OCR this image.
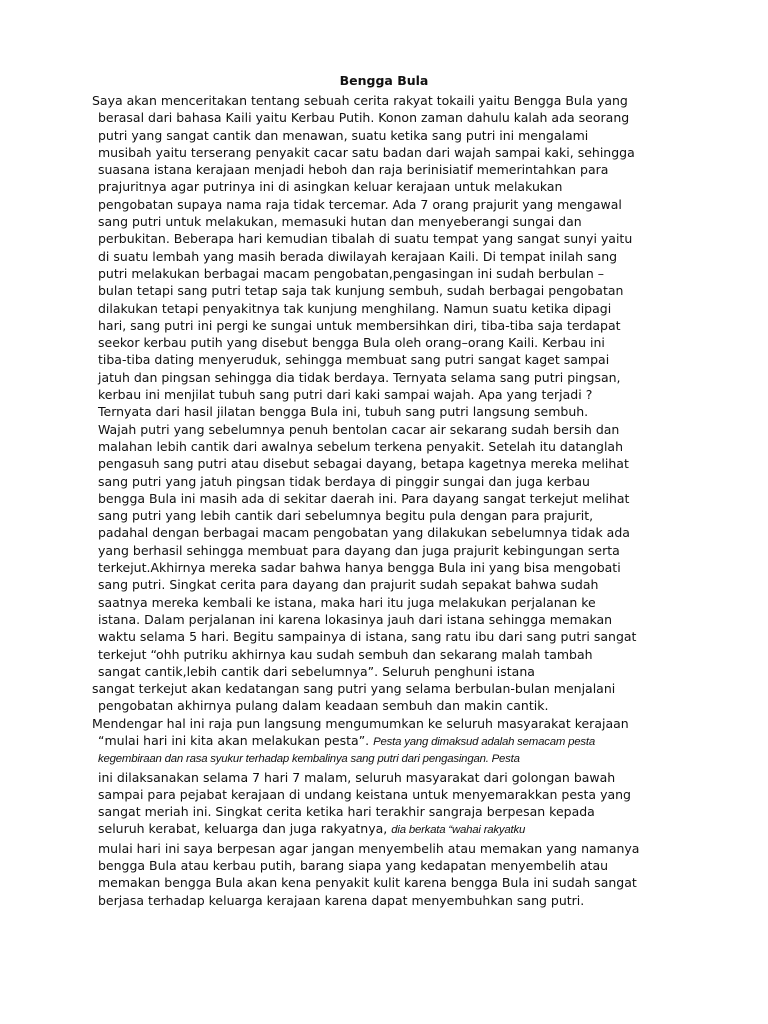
Bengga Bula
Saya akan menceritakan tentang sebuah cerita rakyat tokaili yaitu Bengga Bula yang
berasal dari bahasa Kaili yaitu Kerbau Putih. Konon zaman dahulu kalah ada seorang
putri yang sangat cantik dan menawan, suatu ketika sang putri ini mengalami
musibah yaitu terserang penyakit cacar satu badan dari wajah sampai kaki, sehingga
suasana istana kerajaan menjadi heboh dan raja berinisiatif memerintahkan para
prajuritnya agar putrinya ini di asingkan keluar kerajaan untuk melakukan
pengobatan supaya nama raja tidak tercemar. Ada 7 orang prajurit yang mengawal
sang putri untuk melakukan, memasuki hutan dan menyeberangi sungai dan
perbukitan. Beberapa hari kemudian tibalah di suatu tempat yang sangat sunyi yaitu
di suatu lembah yang masih berada diwilayah kerajaan Kaili. Di tempat inilah sang
putri melakukan berbagai macam pengobatan,pengasingan ini sudah berbulan –
bulan tetapi sang putri tetap saja tak kunjung sembuh, sudah berbagai pengobatan
dilakukan tetapi penyakitnya tak kunjung menghilang. Namun suatu ketika dipagi
hari, sang putri ini pergi ke sungai untuk membersihkan diri, tiba-tiba saja terdapat
seekor kerbau putih yang disebut bengga Bula oleh orang–orang Kaili. Kerbau ini
tiba-tiba dating menyeruduk, sehingga membuat sang putri sangat kaget sampai
jatuh dan pingsan sehingga dia tidak berdaya. Ternyata selama sang putri pingsan,
kerbau ini menjilat tubuh sang putri dari kaki sampai wajah. Apa yang terjadi ?
Ternyata dari hasil jilatan bengga Bula ini, tubuh sang putri langsung sembuh.
Wajah putri yang sebelumnya penuh bentolan cacar air sekarang sudah bersih dan
malahan lebih cantik dari awalnya sebelum terkena penyakit. Setelah itu datanglah
pengasuh sang putri atau disebut sebagai dayang, betapa kagetnya mereka melihat
sang putri yang jatuh pingsan tidak berdaya di pinggir sungai dan juga kerbau
bengga Bula ini masih ada di sekitar daerah ini. Para dayang sangat terkejut melihat
sang putri yang lebih cantik dari sebelumnya begitu pula dengan para prajurit,
padahal dengan berbagai macam pengobatan yang dilakukan sebelumnya tidak ada
yang berhasil sehingga membuat para dayang dan juga prajurit kebingungan serta
terkejut.Akhirnya mereka sadar bahwa hanya bengga Bula ini yang bisa mengobati
sang putri. Singkat cerita para dayang dan prajurit sudah sepakat bahwa sudah
saatnya mereka kembali ke istana, maka hari itu juga melakukan perjalanan ke
istana. Dalam perjalanan ini karena lokasinya jauh dari istana sehingga memakan
waktu selama 5 hari. Begitu sampainya di istana, sang ratu ibu dari sang putri sangat
terkejut “ohh putriku akhirnya kau sudah sembuh dan sekarang malah tambah
sangat cantik,lebih cantik dari sebelumnya”. Seluruh penghuni istana
sangat terkejut akan kedatangan sang putri yang selama berbulan-bulan menjalani
pengobatan akhirnya pulang dalam keadaan sembuh dan makin cantik.
Mendengar hal ini raja pun langsung mengumumkan ke seluruh masyarakat kerajaan
“mulai hari ini kita akan melakukan pesta”. Pesta yang dimaksud adalah semacam pesta
kegembiraan dan rasa syukur terhadap kembalinya sang putri dari pengasingan. Pesta
ini dilaksanakan selama 7 hari 7 malam, seluruh masyarakat dari golongan bawah
sampai para pejabat kerajaan di undang keistana untuk menyemarakkan pesta yang
sangat meriah ini. Singkat cerita ketika hari terakhir sangraja berpesan kepada
seluruh kerabat, keluarga dan juga rakyatnya, dia berkata “wahai rakyatku
mulai hari ini saya berpesan agar jangan menyembelih atau memakan yang namanya
bengga Bula atau kerbau putih, barang siapa yang kedapatan menyembelih atau
memakan bengga Bula akan kena penyakit kulit karena bengga Bula ini sudah sangat
berjasa terhadap keluarga kerajaan karena dapat menyembuhkan sang putri.
